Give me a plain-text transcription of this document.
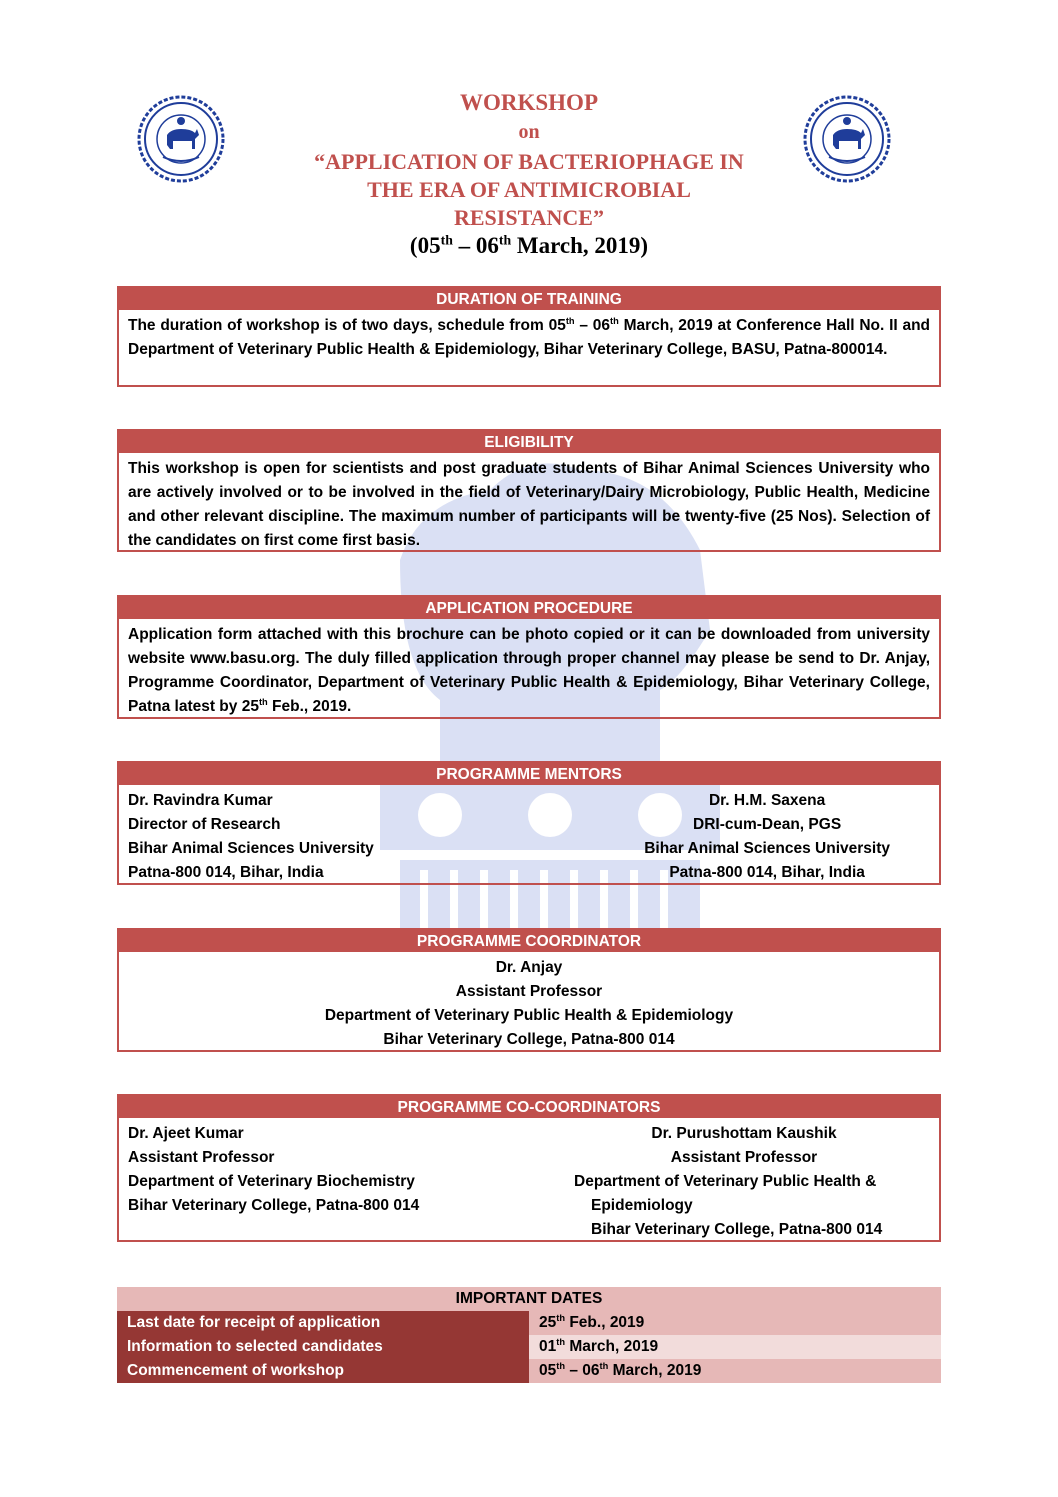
WORKSHOP
on
“APPLICATION OF BACTERIOPHAGE IN
THE ERA OF ANTIMICROBIAL
RESISTANCE”
(05th – 06th March, 2019)
DURATION OF TRAINING
The duration of workshop is of two days, schedule from 05th – 06th March, 2019 at Conference Hall No. II and Department of Veterinary Public Health & Epidemiology, Bihar Veterinary College, BASU, Patna-800014.
ELIGIBILITY
This workshop is open for scientists and post graduate students of Bihar Animal Sciences University who are actively involved or to be involved in the field of Veterinary/Dairy Microbiology, Public Health, Medicine and other relevant discipline. The maximum number of participants will be twenty-five (25 Nos). Selection of the candidates on first come first basis.
APPLICATION PROCEDURE
Application form attached with this brochure can be photo copied or it can be downloaded from university website www.basu.org. The duly filled application through proper channel may please be send to Dr. Anjay, Programme Coordinator, Department of Veterinary Public Health & Epidemiology, Bihar Veterinary College, Patna latest by 25th Feb., 2019.
PROGRAMME MENTORS
Dr. Ravindra Kumar
Director of Research
Bihar Animal Sciences University
Patna-800 014, Bihar, India
Dr. H.M. Saxena
DRI-cum-Dean, PGS
Bihar Animal Sciences University
Patna-800 014, Bihar, India
PROGRAMME COORDINATOR
Dr. Anjay
Assistant Professor
Department of Veterinary Public Health & Epidemiology
Bihar Veterinary College, Patna-800 014
PROGRAMME CO-COORDINATORS
Dr. Ajeet Kumar
Assistant Professor
Department of Veterinary Biochemistry
Bihar Veterinary College, Patna-800 014
Dr. Purushottam Kaushik
Assistant Professor
Department of Veterinary Public Health &
Epidemiology
Bihar Veterinary College, Patna-800 014
IMPORTANT DATES	
Last date for receipt of application	25th Feb., 2019
Information to selected candidates	01th March, 2019
Commencement of workshop	05th – 06th March, 2019
